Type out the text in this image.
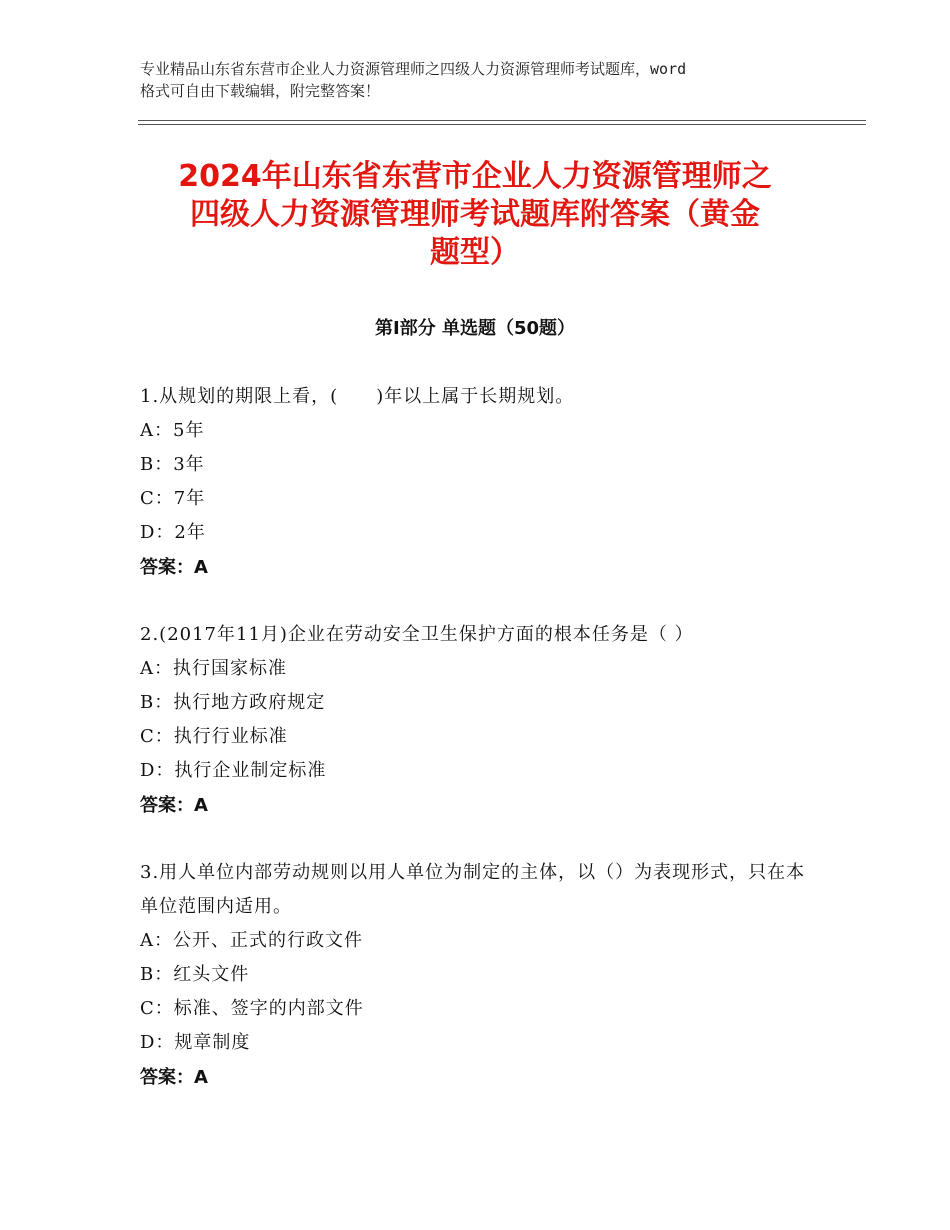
专业精品山东省东营市企业人力资源管理师之四级人力资源管理师考试题库，word
格式可自由下载编辑，附完整答案！
2024年山东省东营市企业人力资源管理师之
四级人力资源管理师考试题库附答案（黄金
题型）
第Ⅰ部分 单选题（50题）
1.从规划的期限上看，(　　)年以上属于长期规划。
A：5年
B：3年
C：7年
D：2年
答案：A
2.(2017年11月)企业在劳动安全卫生保护方面的根本任务是（ ）
A：执行国家标准
B：执行地方政府规定
C：执行行业标准
D：执行企业制定标准
答案：A
3.用人单位内部劳动规则以用人单位为制定的主体，以（）为表现形式，只在本单位范围内适用。
A：公开、正式的行政文件
B：红头文件
C：标准、签字的内部文件
D：规章制度
答案：A
